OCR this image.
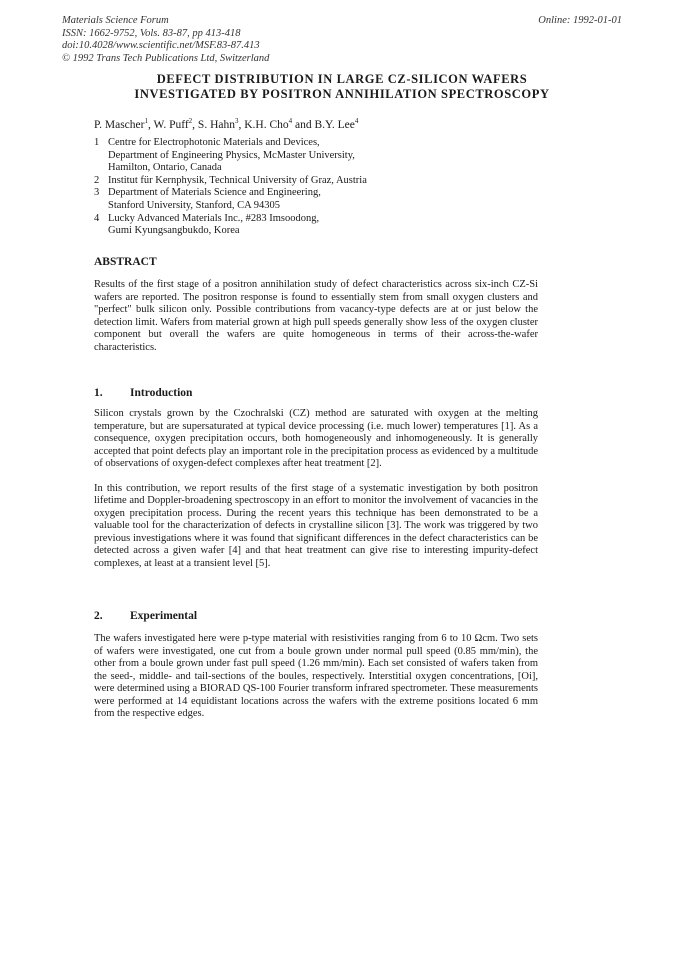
Materials Science Forum
ISSN: 1662-9752, Vols. 83-87, pp 413-418
doi:10.4028/www.scientific.net/MSF.83-87.413
© 1992 Trans Tech Publications Ltd, Switzerland
Online: 1992-01-01
DEFECT DISTRIBUTION IN LARGE CZ-SILICON WAFERS
INVESTIGATED BY POSITRON ANNIHILATION SPECTROSCOPY
P. Mascher$^1$, W. Puff$^2$, S. Hahn$^3$, K.H. Cho$^4$ and B.Y. Lee$^4$
1 Centre for Electrophotonic Materials and Devices,
Department of Engineering Physics, McMaster University,
Hamilton, Ontario, Canada
2 Institut für Kernphysik, Technical University of Graz, Austria
3 Department of Materials Science and Engineering,
Stanford University, Stanford, CA 94305
4 Lucky Advanced Materials Inc., #283 Imsoodong,
Gumi Kyungsangbukdo, Korea
ABSTRACT

Results of the first stage of a positron annihilation study of defect characteristics across six-inch CZ-Si wafers are reported. The positron response is found to essentially stem from small oxygen clusters and "perfect" bulk silicon only. Possible contributions from vacancy-type defects are at or just below the detection limit. Wafers from material grown at high pull speeds generally show less of the oxygen cluster component but overall the wafers are quite homogeneous in terms of their across-the-wafer characteristics.

1. Introduction

Silicon crystals grown by the Czochralski (CZ) method are saturated with oxygen at the melting temperature, but are supersaturated at typical device processing (i.e. much lower) temperatures [1]. As a consequence, oxygen precipitation occurs, both homogeneously and inhomogeneously. It is generally accepted that point defects play an important role in the precipitation process as evidenced by a multitude of observations of oxygen-defect complexes after heat treatment [2].

In this contribution, we report results of the first stage of a systematic investigation by both positron lifetime and Doppler-broadening spectroscopy in an effort to monitor the involvement of vacancies in the oxygen precipitation process. During the recent years this technique has been demonstrated to be a valuable tool for the characterization of defects in crystalline silicon [3]. The work was triggered by two previous investigations where it was found that significant differences in the defect characteristics can be detected across a given wafer [4] and that heat treatment can give rise to interesting impurity-defect complexes, at least at a transient level [5].

2. Experimental

The wafers investigated here were p-type material with resistivities ranging from 6 to 10 Ωcm. Two sets of wafers were investigated, one cut from a boule grown under normal pull speed (0.85 mm/min), the other from a boule grown under fast pull speed (1.26 mm/min). Each set consisted of wafers taken from the seed-, middle- and tail-sections of the boules, respectively. Interstitial oxygen concentrations, [Oi], were determined using a BIORAD QS-100 Fourier transform infrared spectrometer. These measurements were performed at 14 equidistant locations across the wafers with the extreme positions located 6 mm from the respective edges.
